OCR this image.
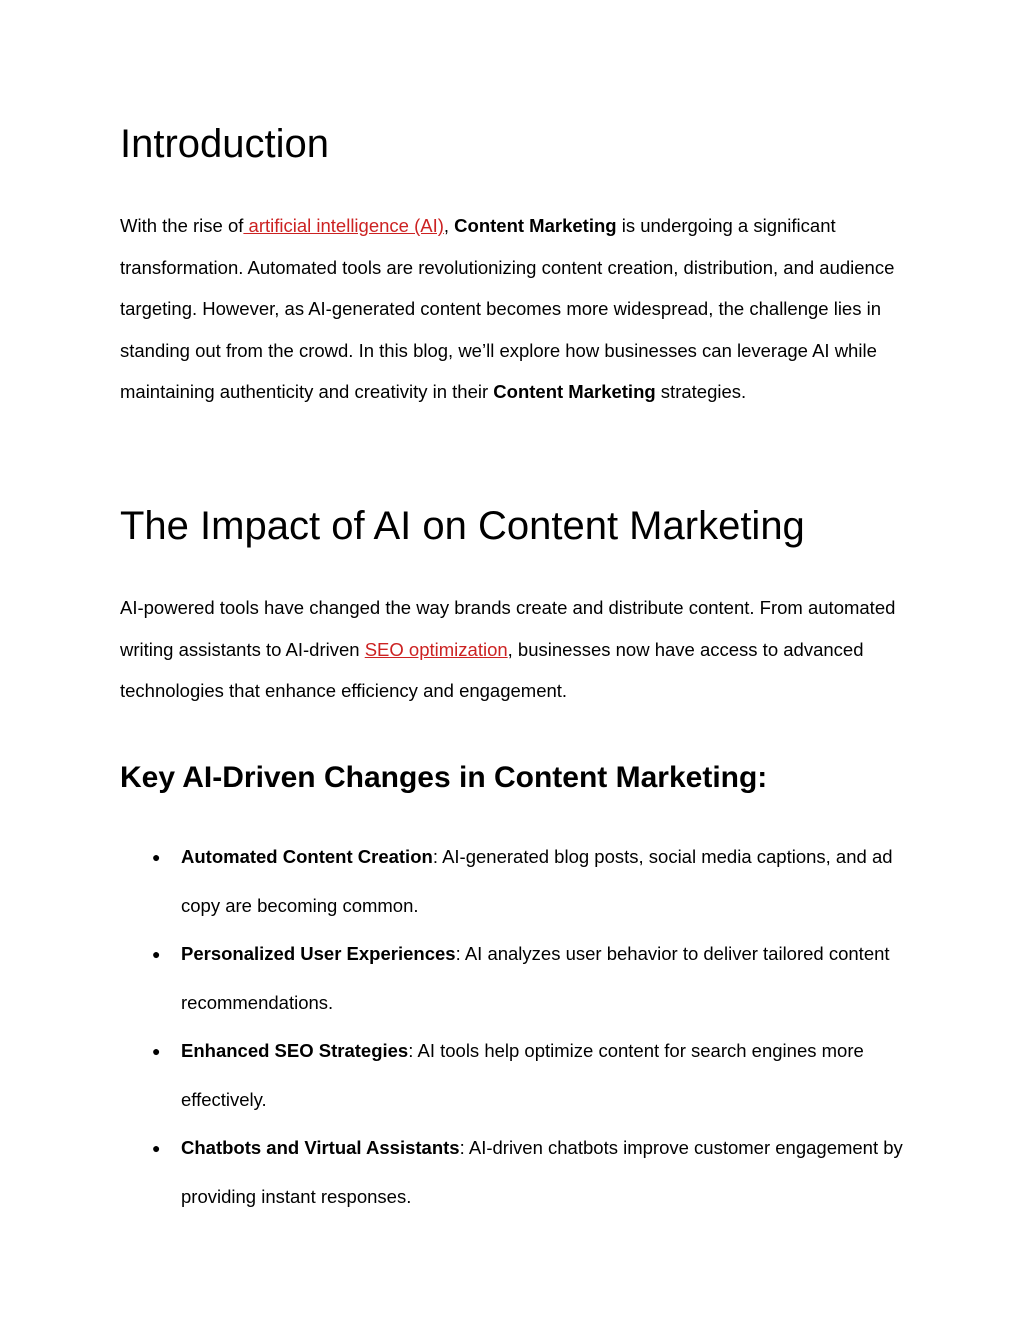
Introduction

With the rise of artificial intelligence (AI), Content Marketing is undergoing a significant transformation. Automated tools are revolutionizing content creation, distribution, and audience targeting. However, as AI-generated content becomes more widespread, the challenge lies in standing out from the crowd. In this blog, we’ll explore how businesses can leverage AI while maintaining authenticity and creativity in their Content Marketing strategies.

The Impact of AI on Content Marketing

AI-powered tools have changed the way brands create and distribute content. From automated writing assistants to AI-driven SEO optimization, businesses now have access to advanced technologies that enhance efficiency and engagement.

Key AI-Driven Changes in Content Marketing:
● Automated Content Creation: AI-generated blog posts, social media captions, and ad copy are becoming common.
● Personalized User Experiences: AI analyzes user behavior to deliver tailored content recommendations.
● Enhanced SEO Strategies: AI tools help optimize content for search engines more effectively.
● Chatbots and Virtual Assistants: AI-driven chatbots improve customer engagement by providing instant responses.
